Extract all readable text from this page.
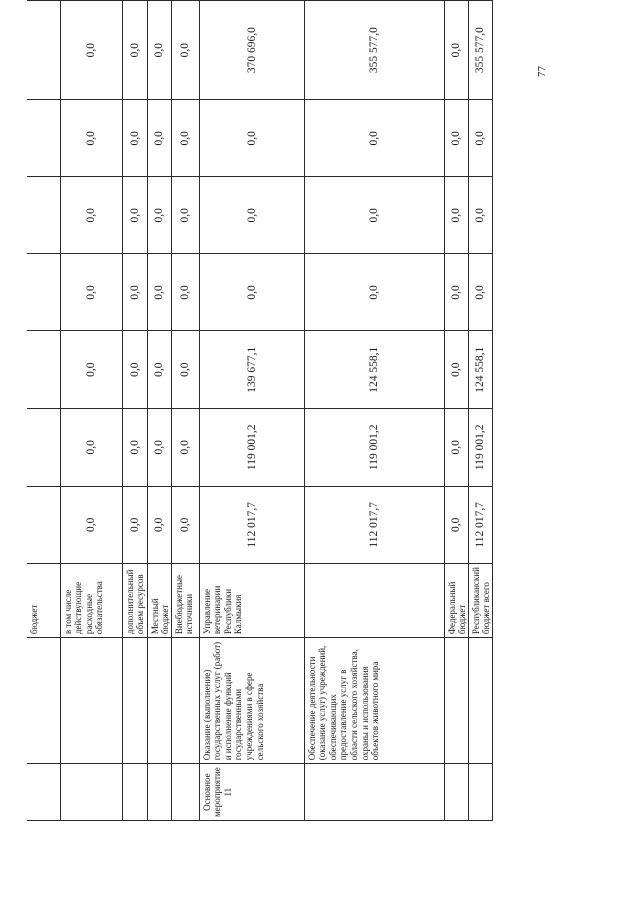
		бюджет							
		в том числе действующие расходные обязательства	0,0	0,0	0,0	0,0	0,0	0,0	0,0
		дополнительный объем ресурсов	0,0	0,0	0,0	0,0	0,0	0,0	0,0
		Местный бюджет	0,0	0,0	0,0	0,0	0,0	0,0	0,0
		Внебюджетные источники	0,0	0,0	0,0	0,0	0,0	0,0	0,0
Основное мероприятие 11	Оказание (выполнение) государственных услуг (работ) и исполнение функций государственными учреждениями в сфере сельского хозяйства	Управление ветеринарии Республики Калмыкия	112 017,7	119 001,2	139 677,1	0,0	0,0	0,0	370 696,0
	Обеспечение деятельности (оказание услуг) учреждений, обеспечивающих предоставление услуг в области сельского хозяйства, охраны и использования объектов животного мира		112 017,7	119 001,2	124 558,1	0,0	0,0	0,0	355 577,0
		Федеральный бюджет	0,0	0,0	0,0	0,0	0,0	0,0	0,0
		Республиканский бюджет всего	112 017,7	119 001,2	124 558,1	0,0	0,0	0,0	355 577,0	77
